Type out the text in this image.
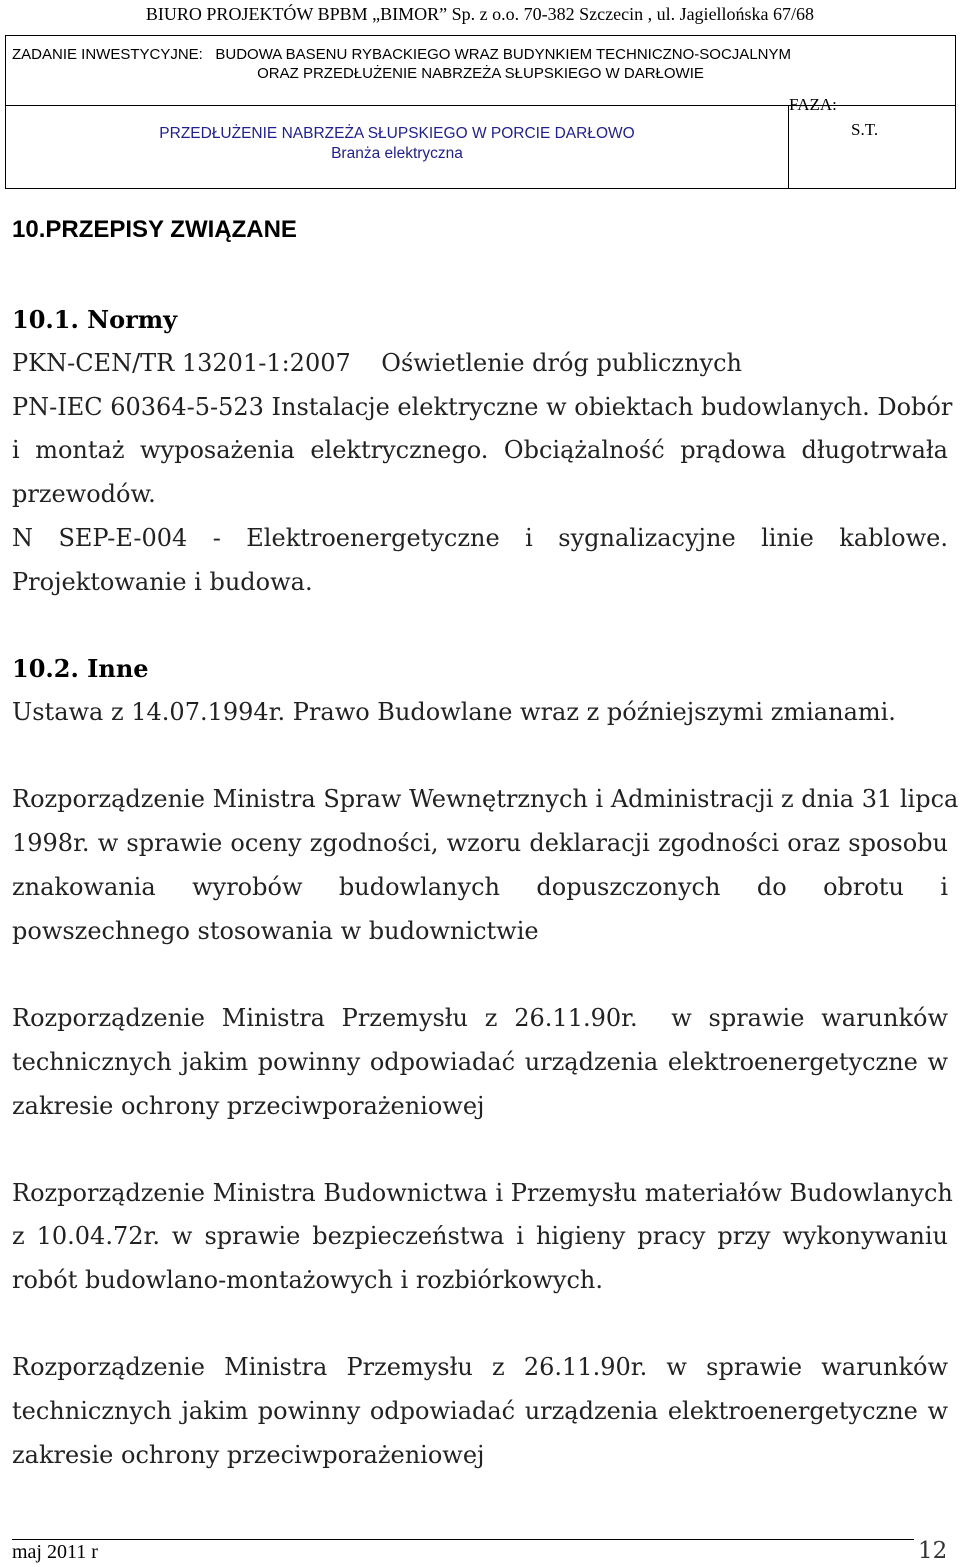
BIURO PROJEKTÓW BPBM „BIMOR” Sp. z o.o. 70-382 Szczecin , ul. Jagiellońska 67/68
ZADANIE INWESTYCYJNE:   BUDOWA BASENU RYBACKIEGO WRAZ BUDYNKIEM TECHNICZNO-SOCJALNYM
ORAZ PRZEDŁUŻENIE NABRZEŻA SŁUPSKIEGO W DARŁOWIE
PRZEDŁUŻENIE NABRZEŻA SŁUPSKIEGO W PORCIE DARŁOWO
Branża elektryczna
FAZA:
S.T.
10.PRZEPISY ZWIĄZANE
10.1. Normy
PKN-CEN/TR 13201-1:2007    Oświetlenie dróg publicznych
PN-IEC 60364-5-523 Instalacje elektryczne w obiektach budowlanych. Dobór
i montaż wyposażenia elektrycznego. Obciążalność prądowa długotrwała
przewodów.
N SEP-E-004 - Elektroenergetyczne i sygnalizacyjne linie kablowe.
Projektowanie i budowa.
10.2. Inne
Ustawa z 14.07.1994r. Prawo Budowlane wraz z późniejszymi zmianami.
Rozporządzenie Ministra Spraw Wewnętrznych i Administracji z dnia 31 lipca
1998r. w sprawie oceny zgodności, wzoru deklaracji zgodności oraz sposobu
znakowania wyrobów budowlanych dopuszczonych do obrotu i
powszechnego stosowania w budownictwie
Rozporządzenie Ministra Przemysłu z 26.11.90r.  w sprawie warunków
technicznych jakim powinny odpowiadać urządzenia elektroenergetyczne w
zakresie ochrony przeciwporażeniowej
Rozporządzenie Ministra Budownictwa i Przemysłu materiałów Budowlanych
z 10.04.72r. w sprawie bezpieczeństwa i higieny pracy przy wykonywaniu
robót budowlano-montażowych i rozbiórkowych.
Rozporządzenie Ministra Przemysłu z 26.11.90r. w sprawie warunków
technicznych jakim powinny odpowiadać urządzenia elektroenergetyczne w
zakresie ochrony przeciwporażeniowej
maj 2011 r	12
